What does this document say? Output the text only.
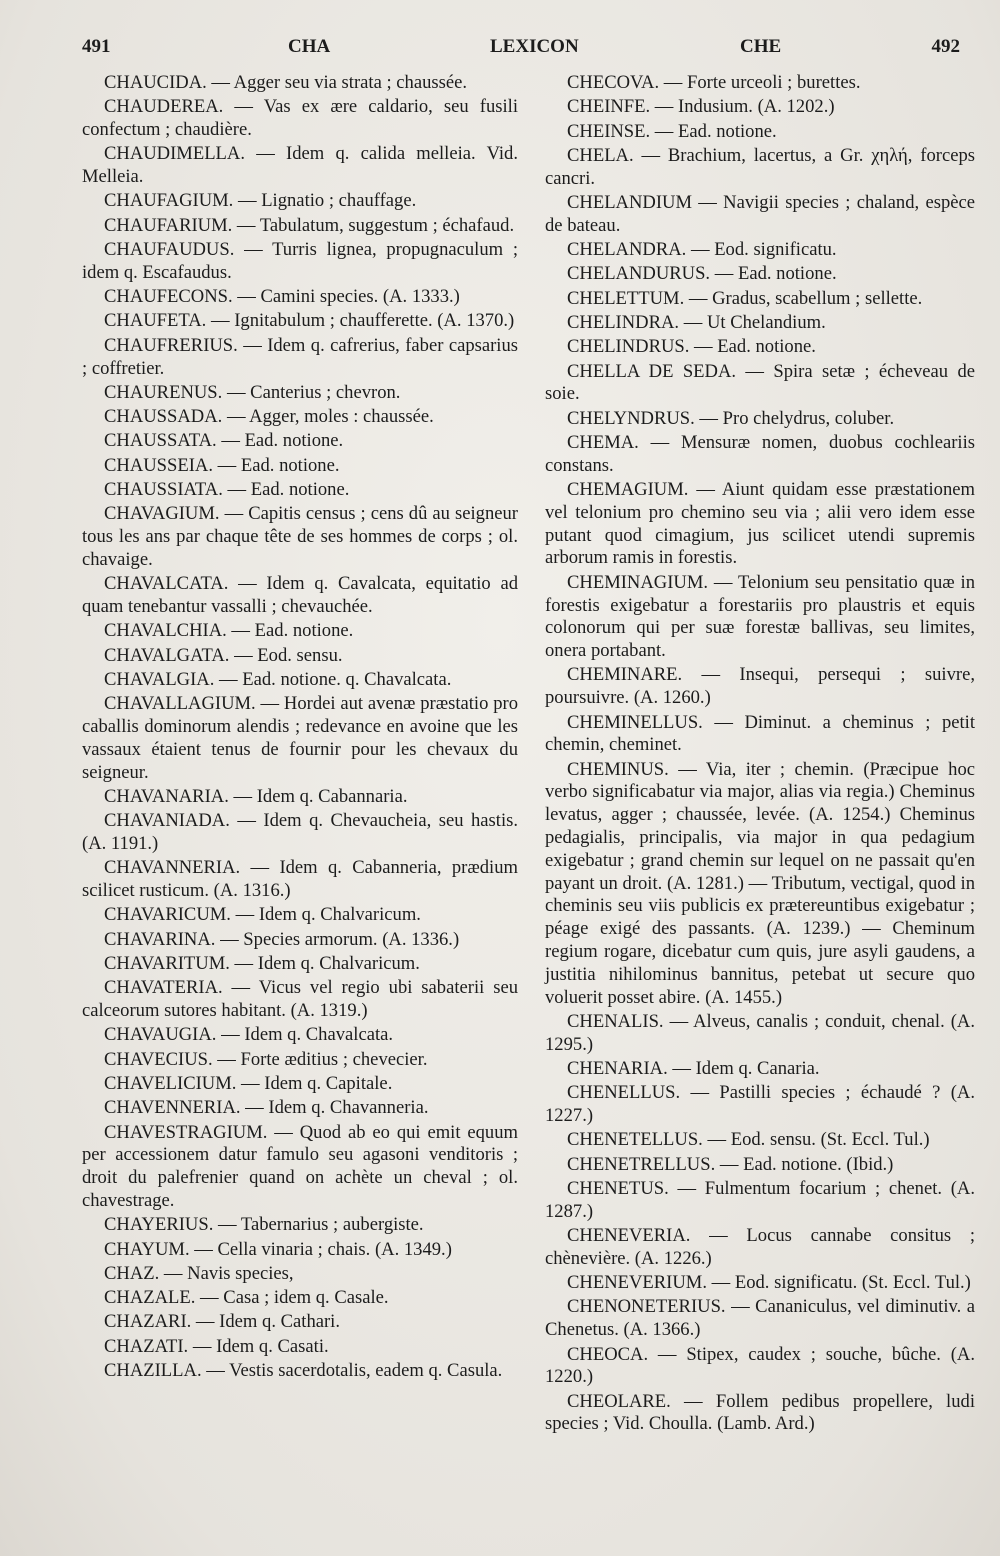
491	CHA	LEXICON	CHE	492

CHAUCIDA. — Agger seu via strata ; chaussée.

CHAUDEREA. — Vas ex ære caldario, seu fusili confectum ; chaudière.

CHAUDIMELLA. — Idem q. calida melleia. Vid. Melleia.

CHAUFAGIUM. — Lignatio ; chauffage.

CHAUFARIUM. — Tabulatum, suggestum ; échafaud.

CHAUFAUDUS. — Turris lignea, propugnaculum ; idem q. Escafaudus.

CHAUFECONS. — Camini species. (A. 1333.)

CHAUFETA. — Ignitabulum ; chaufferette. (A. 1370.)

CHAUFRERIUS. — Idem q. cafrerius, faber capsarius ; coffretier.

CHAURENUS. — Canterius ; chevron.

CHAUSSADA. — Agger, moles : chaussée.

CHAUSSATA. — Ead. notione.

CHAUSSEIA. — Ead. notione.

CHAUSSIATA. — Ead. notione.

CHAVAGIUM. — Capitis census ; cens dû au seigneur tous les ans par chaque tête de ses hommes de corps ; ol. chavaige.

CHAVALCATA. — Idem q. Cavalcata, equitatio ad quam tenebantur vassalli ; chevauchée.

CHAVALCHIA. — Ead. notione.

CHAVALGATA. — Eod. sensu.

CHAVALGIA. — Ead. notione. q. Chavalcata.

CHAVALLAGIUM. — Hordei aut avenæ præstatio pro caballis dominorum alendis ; redevance en avoine que les vassaux étaient tenus de fournir pour les chevaux du seigneur.

CHAVANARIA. — Idem q. Cabannaria.

CHAVANIADA. — Idem q. Chevaucheia, seu hastis. (A. 1191.)

CHAVANNERIA. — Idem q. Cabanneria, prædium scilicet rusticum. (A. 1316.)

CHAVARICUM. — Idem q. Chalvaricum.

CHAVARINA. — Species armorum. (A. 1336.)

CHAVARITUM. — Idem q. Chalvaricum.

CHAVATERIA. — Vicus vel regio ubi sabaterii seu calceorum sutores habitant. (A. 1319.)

CHAVAUGIA. — Idem q. Chavalcata.

CHAVECIUS. — Forte æditius ; chevecier.

CHAVELICIUM. — Idem q. Capitale.

CHAVENNERIA. — Idem q. Chavanneria.

CHAVESTRAGIUM. — Quod ab eo qui emit equum per accessionem datur famulo seu agasoni venditoris ; droit du palefrenier quand on achète un cheval ; ol. chavestrage.

CHAYERIUS. — Tabernarius ; aubergiste.

CHAYUM. — Cella vinaria ; chais. (A. 1349.)

CHAZ. — Navis species,

CHAZALE. — Casa ; idem q. Casale.

CHAZARI. — Idem q. Cathari.

CHAZATI. — Idem q. Casati.

CHAZILLA. — Vestis sacerdotalis, eadem q. Casula.

CHECOVA. — Forte urceoli ; burettes.

CHEINFE. — Indusium. (A. 1202.)

CHEINSE. — Ead. notione.

CHELA. — Brachium, lacertus, a Gr. χηλή, forceps cancri.

CHELANDIUM — Navigii species ; chaland, espèce de bateau.

CHELANDRA. — Eod. significatu.

CHELANDURUS. — Ead. notione.

CHELETTUM. — Gradus, scabellum ; sellette.

CHELINDRA. — Ut Chelandium.

CHELINDRUS. — Ead. notione.

CHELLA DE SEDA. — Spira setæ ; écheveau de soie.

CHELYNDRUS. — Pro chelydrus, coluber.

CHEMA. — Mensuræ nomen, duobus cochleariis constans.

CHEMAGIUM. — Aiunt quidam esse præstationem vel telonium pro chemino seu via ; alii vero idem esse putant quod cimagium, jus scilicet utendi supremis arborum ramis in forestis.

CHEMINAGIUM. — Telonium seu pensitatio quæ in forestis exigebatur a forestariis pro plaustris et equis colonorum qui per suæ forestæ ballivas, seu limites, onera portabant.

CHEMINARE. — Insequi, persequi ; suivre, poursuivre. (A. 1260.)

CHEMINELLUS. — Diminut. a cheminus ; petit chemin, cheminet.

CHEMINUS. — Via, iter ; chemin. (Præcipue hoc verbo significabatur via major, alias via regia.) Cheminus levatus, agger ; chaussée, levée. (A. 1254.) Cheminus pedagialis, principalis, via major in qua pedagium exigebatur ; grand chemin sur lequel on ne passait qu'en payant un droit. (A. 1281.) — Tributum, vectigal, quod in cheminis seu viis publicis ex prætereuntibus exigebatur ; péage exigé des passants. (A. 1239.) — Cheminum regium rogare, dicebatur cum quis, jure asyli gaudens, a justitia nihilominus bannitus, petebat ut secure quo voluerit posset abire. (A. 1455.)

CHENALIS. — Alveus, canalis ; conduit, chenal. (A. 1295.)

CHENARIA. — Idem q. Canaria.

CHENELLUS. — Pastilli species ; échaudé ? (A. 1227.)

CHENETELLUS. — Eod. sensu. (St. Eccl. Tul.)

CHENETRELLUS. — Ead. notione. (Ibid.)

CHENETUS. — Fulmentum focarium ; chenet. (A. 1287.)

CHENEVERIA. — Locus cannabe consitus ; chènevière. (A. 1226.)

CHENEVERIUM. — Eod. significatu. (St. Eccl. Tul.)

CHENONETERIUS. — Cananiculus, vel diminutiv. a Chenetus. (A. 1366.)

CHEOCA. — Stipex, caudex ; souche, bûche. (A. 1220.)

CHEOLARE. — Follem pedibus propellere, ludi species ; Vid. Choulla. (Lamb. Ard.)
